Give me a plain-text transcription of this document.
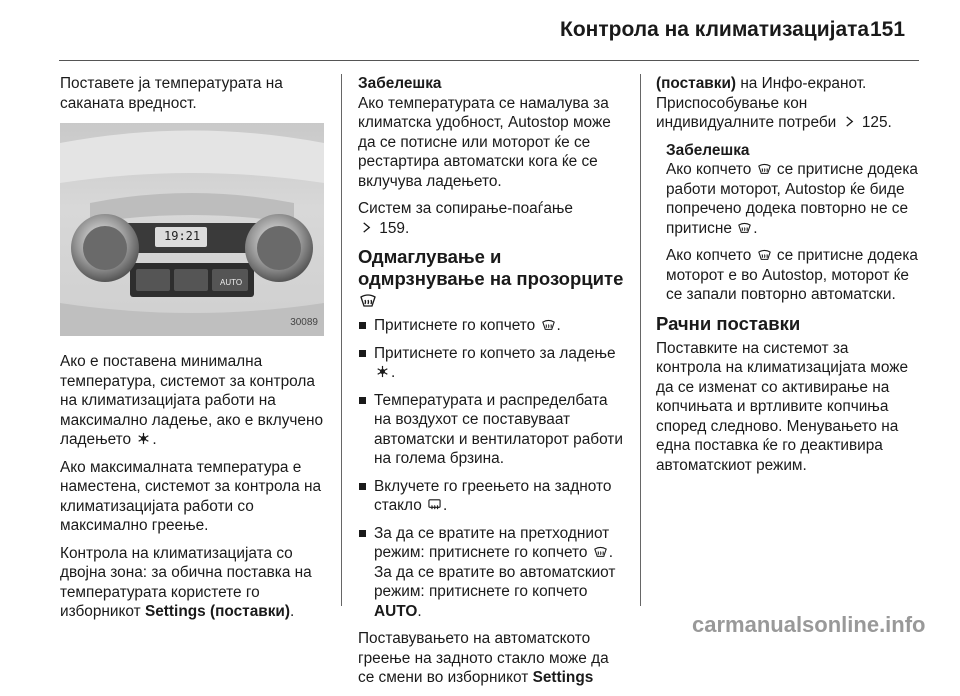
Контрола на климатизацијата 151

Поставете ја температурата на саканата вредност.

19:21
AUTO
30089

Ако е поставена минимална температура, системот за контрола на климатизацијата работи на максимално ладење, ако е вклучено ладењето .

Ако максималната температура е наместена, системот за контрола на климатизацијата работи со максимално греење.

Контрола на климатизацијата со двојна зона: за обична поставка на температурата користете го изборникот Settings (поставки).

Забелешка
Ако температурата се намалува за климатска удобност, Autostop може да се потисне или моторот ќе се рестартира автоматски кога ќе се вклучува ладењето.

Систем за сопирање-поаѓање
159.

Одмаглување и одмрзнување на прозорците
Притиснете го копчето .
Притиснете го копчето за ладење .
Температурата и распределбата на воздухот се поставуваат автоматски и вентилаторот работи на голема брзина.
Вклучете го греењето на задното стакло .
За да се вратите на претходниот режим: притиснете го копчето . За да се вратите во автоматскиот режим: притиснете го копчето AUTO.

Поставувањето на автоматското греење на задното стакло може да се смени во изборникот Settings

(поставки) на Инфо-екранот. Приспособување кон индивидуалните потреби 125.

Забелешка

Ако копчето се притисне додека работи моторот, Autostop ќе биде попречено додека повторно не се притисне .

Ако копчето се притисне додека моторот е во Autostop, моторот ќе се запали повторно автоматски.

Рачни поставки

Поставките на системот за контрола на климатизацијата може да се изменат со активирање на копчињата и вртливите копчиња според следново. Менувањето на една поставка ќе го деактивира автоматскиот режим.

carmanualsonline.info
